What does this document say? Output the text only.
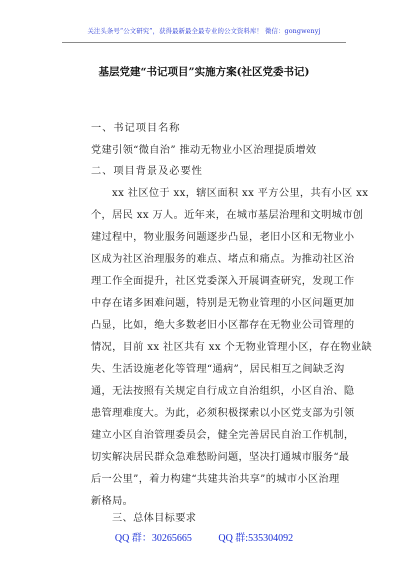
关注头条号“公文研究”，获得最新最全最专业的公文资料库！ 微信：gongwenyj
基层党建“书记项目”实施方案(社区党委书记)
一、书记项目名称
党建引领“微自治” 推动无物业小区治理提质增效
二、项目背景及必要性
xx 社区位于 xx，辖区面积 xx 平方公里，共有小区 xx
个，居民 xx 万人。近年来，在城市基层治理和文明城市创
建过程中，物业服务问题逐步凸显，老旧小区和无物业小
区成为社区治理服务的难点、堵点和痛点。为推动社区治
理工作全面提升，社区党委深入开展调查研究，发现工作
中存在诸多困难问题，特别是无物业管理的小区问题更加
凸显，比如，绝大多数老旧小区都存在无物业公司管理的
情况，目前 xx 社区共有 xx 个无物业管理小区，存在物业缺
失、生活设施老化等管理“通病”，居民相互之间缺乏沟
通，无法按照有关规定自行成立自治组织，小区自治、隐
患管理难度大。为此，必须积极探索以小区党支部为引领
建立小区自治管理委员会，健全完善居民自治工作机制，
切实解决居民群众急难愁盼问题，坚决打通城市服务“最
后一公里”，着力构建“共建共治共享”的城市小区治理
新格局。
三、总体目标要求
QQ 群：30265665	QQ 群:535304092
